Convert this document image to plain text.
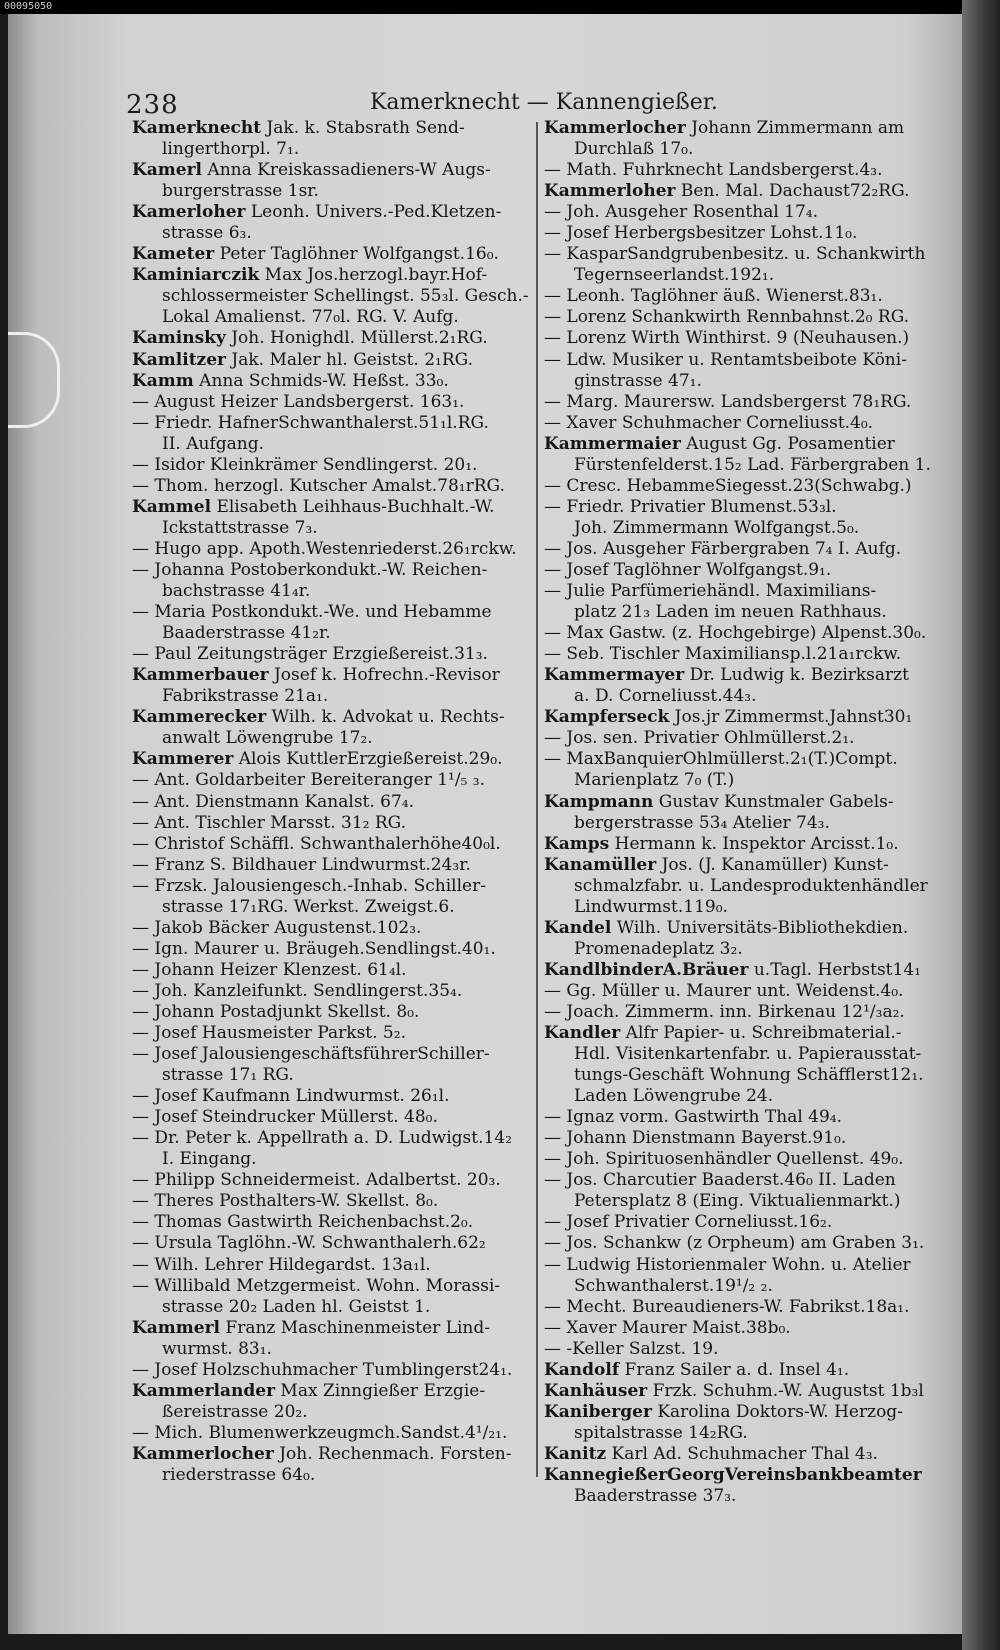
00095050
238	Kamerknecht — Kannengießer.
Kamerknecht Jak. k. Stabsrath Send-
lingerthorpl. 7₁.
Kamerl Anna Kreiskassadieners-W Augs-
burgerstrasse 1sr.
Kamerloher Leonh. Univers.-Ped.Kletzen-
strasse 6₃.
Kameter Peter Taglöhner Wolfgangst.16₀.
Kaminiarczik Max Jos.herzogl.bayr.Hof-
schlossermeister Schellingst. 55₃l. Gesch.-
Lokal Amalienst. 77₀l. RG. V. Aufg.
Kaminsky Joh. Honighdl. Müllerst.2₁RG.
Kamlitzer Jak. Maler hl. Geistst. 2₁RG.
Kamm Anna Schmids-W. Heßst. 33₀.
— August Heizer Landsbergerst. 163₁.
— Friedr. HafnerSchwanthalerst.51₁l.RG.
II. Aufgang.
— Isidor Kleinkrämer Sendlingerst. 20₁.
— Thom. herzogl. Kutscher Amalst.78₁rRG.
Kammel Elisabeth Leihhaus-Buchhalt.-W.
Ickstattstrasse 7₃.
— Hugo app. Apoth.Westenriederst.26₁rckw.
— Johanna Postoberkondukt.-W. Reichen-
bachstrasse 41₄r.
— Maria Postkondukt.-We. und Hebamme
Baaderstrasse 41₂r.
— Paul Zeitungsträger Erzgießereist.31₃.
Kammerbauer Josef k. Hofrechn.-Revisor
Fabrikstrasse 21a₁.
Kammerecker Wilh. k. Advokat u. Rechts-
anwalt Löwengrube 17₂.
Kammerer Alois KuttlerErzgießereist.29₀.
— Ant. Goldarbeiter Bereiteranger 1¹/₅ ₃.
— Ant. Dienstmann Kanalst. 67₄.
— Ant. Tischler Marsst. 31₂ RG.
— Christof Schäffl. Schwanthalerhöhe40₀l.
— Franz S. Bildhauer Lindwurmst.24₃r.
— Frzsk. Jalousiengesch.-Inhab. Schiller-
strasse 17₁RG. Werkst. Zweigst.6.
— Jakob Bäcker Augustenst.102₃.
— Ign. Maurer u. Bräugeh.Sendlingst.40₁.
— Johann Heizer Klenzest. 61₄l.
— Joh. Kanzleifunkt. Sendlingerst.35₄.
— Johann Postadjunkt Skellst. 8₀.
— Josef Hausmeister Parkst. 5₂.
— Josef JalousiengeschäftsführerSchiller-
strasse 17₁ RG.
— Josef Kaufmann Lindwurmst. 26₁l.
— Josef Steindrucker Müllerst. 48₀.
— Dr. Peter k. Appellrath a. D. Ludwigst.14₂
I. Eingang.
— Philipp Schneidermeist. Adalbertst. 20₃.
— Theres Posthalters-W. Skellst. 8₀.
— Thomas Gastwirth Reichenbachst.2₀.
— Ursula Taglöhn.-W. Schwanthalerh.62₂
— Wilh. Lehrer Hildegardst. 13a₁l.
— Willibald Metzgermeist. Wohn. Morassi-
strasse 20₂ Laden hl. Geistst 1.
Kammerl Franz Maschinenmeister Lind-
wurmst. 83₁.
— Josef Holzschuhmacher Tumblingerst24₁.
Kammerlander Max Zinngießer Erzgie-
ßereistrasse 20₂.
— Mich. Blumenwerkzeugmch.Sandst.4¹/₂₁.
Kammerlocher Joh. Rechenmach. Forsten-
riederstrasse 64₀.
Kammerlocher Johann Zimmermann am
Durchlaß 17₀.
— Math. Fuhrknecht Landsbergerst.4₃.
Kammerloher Ben. Mal. Dachaust72₂RG.
— Joh. Ausgeher Rosenthal 17₄.
— Josef Herbergsbesitzer Lohst.11₀.
— KasparSandgrubenbesitz. u. Schankwirth
Tegernseerlandst.192₁.
— Leonh. Taglöhner äuß. Wienerst.83₁.
— Lorenz Schankwirth Rennbahnst.2₀ RG.
— Lorenz Wirth Winthirst. 9 (Neuhausen.)
— Ldw. Musiker u. Rentamtsbeibote Köni-
ginstrasse 47₁.
— Marg. Maurersw. Landsbergerst 78₁RG.
— Xaver Schuhmacher Corneliusst.4₀.
Kammermaier August Gg. Posamentier
Fürstenfelderst.15₂ Lad. Färbergraben 1.
— Cresc. HebammeSiegesst.23(Schwabg.)
— Friedr. Privatier Blumenst.53₃l.
Joh. Zimmermann Wolfgangst.5₀.
— Jos. Ausgeher Färbergraben 7₄ I. Aufg.
— Josef Taglöhner Wolfgangst.9₁.
— Julie Parfümeriehändl. Maximilians-
platz 21₃ Laden im neuen Rathhaus.
— Max Gastw. (z. Hochgebirge) Alpenst.30₀.
— Seb. Tischler Maximiliansp.l.21a₁rckw.
Kammermayer Dr. Ludwig k. Bezirksarzt
a. D. Corneliusst.44₃.
Kampferseck Jos.jr Zimmermst.Jahnst30₁
— Jos. sen. Privatier Ohlmüllerst.2₁.
— MaxBanquierOhlmüllerst.2₁(T.)Compt.
Marienplatz 7₀ (T.)
Kampmann Gustav Kunstmaler Gabels-
bergerstrasse 53₄ Atelier 74₃.
Kamps Hermann k. Inspektor Arcisst.1₀.
Kanamüller Jos. (J. Kanamüller) Kunst-
schmalzfabr. u. Landesproduktenhändler
Lindwurmst.119₀.
Kandel Wilh. Universitäts-Bibliothekdien.
Promenadeplatz 3₂.
KandlbinderA.Bräuer u.Tagl. Herbstst14₁
— Gg. Müller u. Maurer unt. Weidenst.4₀.
— Joach. Zimmerm. inn. Birkenau 12¹/₃a₂.
Kandler Alfr Papier- u. Schreibmaterial.-
Hdl. Visitenkartenfabr. u. Papierausstat-
tungs-Geschäft Wohnung Schäfflerst12₁.
Laden Löwengrube 24.
— Ignaz vorm. Gastwirth Thal 49₄.
— Johann Dienstmann Bayerst.91₀.
— Joh. Spirituosenhändler Quellenst. 49₀.
— Jos. Charcutier Baaderst.46₀ II. Laden
Petersplatz 8 (Eing. Viktualienmarkt.)
— Josef Privatier Corneliusst.16₂.
— Jos. Schankw (z Orpheum) am Graben 3₁.
— Ludwig Historienmaler Wohn. u. Atelier
Schwanthalerst.19¹/₂ ₂.
— Mecht. Bureaudieners-W. Fabrikst.18a₁.
— Xaver Maurer Maist.38b₀.
— -Keller Salzst. 19.
Kandolf Franz Sailer a. d. Insel 4₁.
Kanhäuser Frzk. Schuhm.-W. Augustst 1b₃l
Kaniberger Karolina Doktors-W. Herzog-
spitalstrasse 14₂RG.
Kanitz Karl Ad. Schuhmacher Thal 4₃.
KannegießerGeorgVereinsbankbeamter
Baaderstrasse 37₃.
